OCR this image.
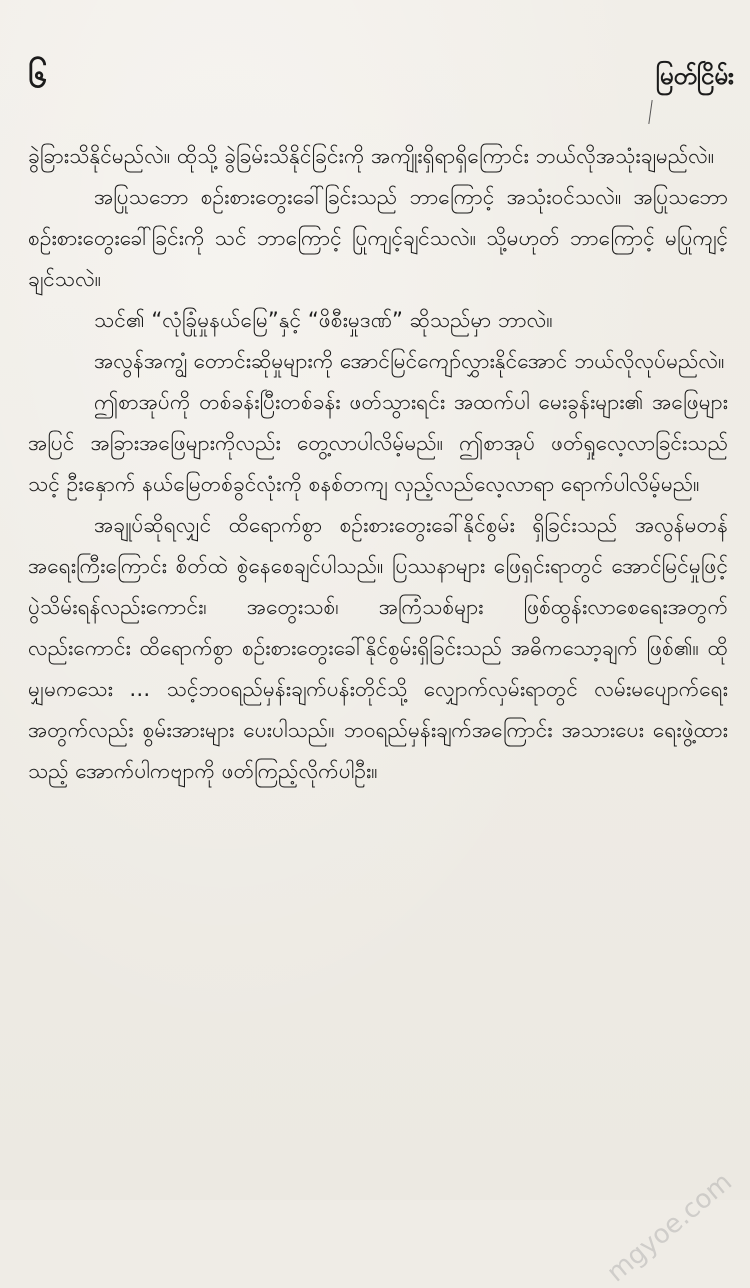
၆	မြတ်ငြိမ်း

ခွဲခြားသိနိုင်မည်လဲ။ ထိုသို့ ခွဲခြမ်းသိနိုင်ခြင်းကို အကျိုးရှိရာရှိကြောင်း ဘယ်လိုအသုံးချမည်လဲ။

အပြုသဘော စဉ်းစားတွေးခေါ်ခြင်းသည် ဘာကြောင့် အသုံးဝင်သလဲ။ အပြုသဘော စဉ်းစားတွေးခေါ်ခြင်းကို သင် ဘာကြောင့် ပြုကျင့်ချင်သလဲ။ သို့မဟုတ် ဘာကြောင့် မပြုကျင့်ချင်သလဲ။

သင်၏ “လုံခြုံမှုနယ်မြေ”နှင့် “ဖိစီးမှုဒဏ်” ဆိုသည်မှာ ဘာလဲ။

အလွန်အကျွံ တောင်းဆိုမှုများကို အောင်မြင်ကျော်လွှားနိုင်အောင် ဘယ်လိုလုပ်မည်လဲ။

ဤစာအုပ်ကို တစ်ခန်းပြီးတစ်ခန်း ဖတ်သွားရင်း အထက်ပါ မေးခွန်းများ၏ အဖြေများအပြင် အခြားအဖြေများကိုလည်း တွေ့လာပါလိမ့်မည်။ ဤစာအုပ် ဖတ်ရှုလေ့လာခြင်းသည် သင့် ဦးနှောက် နယ်မြေတစ်ခွင်လုံးကို စနစ်တကျ လှည့်လည်လေ့လာရာ ရောက်ပါလိမ့်မည်။

အချုပ်ဆိုရလျှင် ထိရောက်စွာ စဉ်းစားတွေးခေါ်နိုင်စွမ်း ရှိခြင်းသည် အလွန်မတန် အရေးကြီးကြောင်း စိတ်ထဲ စွဲနေစေချင်ပါသည်။ ပြဿနာများ ဖြေရှင်းရာတွင် အောင်မြင်မှုဖြင့် ပွဲသိမ်းရန်လည်းကောင်း၊ အတွေးသစ်၊ အကြံသစ်များ ဖြစ်ထွန်းလာစေရေးအတွက်လည်းကောင်း ထိရောက်စွာ စဉ်းစားတွေးခေါ်နိုင်စွမ်းရှိခြင်းသည် အဓိကသော့ချက် ဖြစ်၏။ ထိုမျှမကသေး … သင့်ဘဝရည်မှန်းချက်ပန်းတိုင်သို့ လျှောက်လှမ်းရာတွင် လမ်းမပျောက်ရေးအတွက်လည်း စွမ်းအားများ ပေးပါသည်။ ဘဝရည်မှန်းချက်အကြောင်း အသားပေး ရေးဖွဲ့ထားသည့် အောက်ပါကဗျာကို ဖတ်ကြည့်လိုက်ပါဦး။

mgyoe.com
